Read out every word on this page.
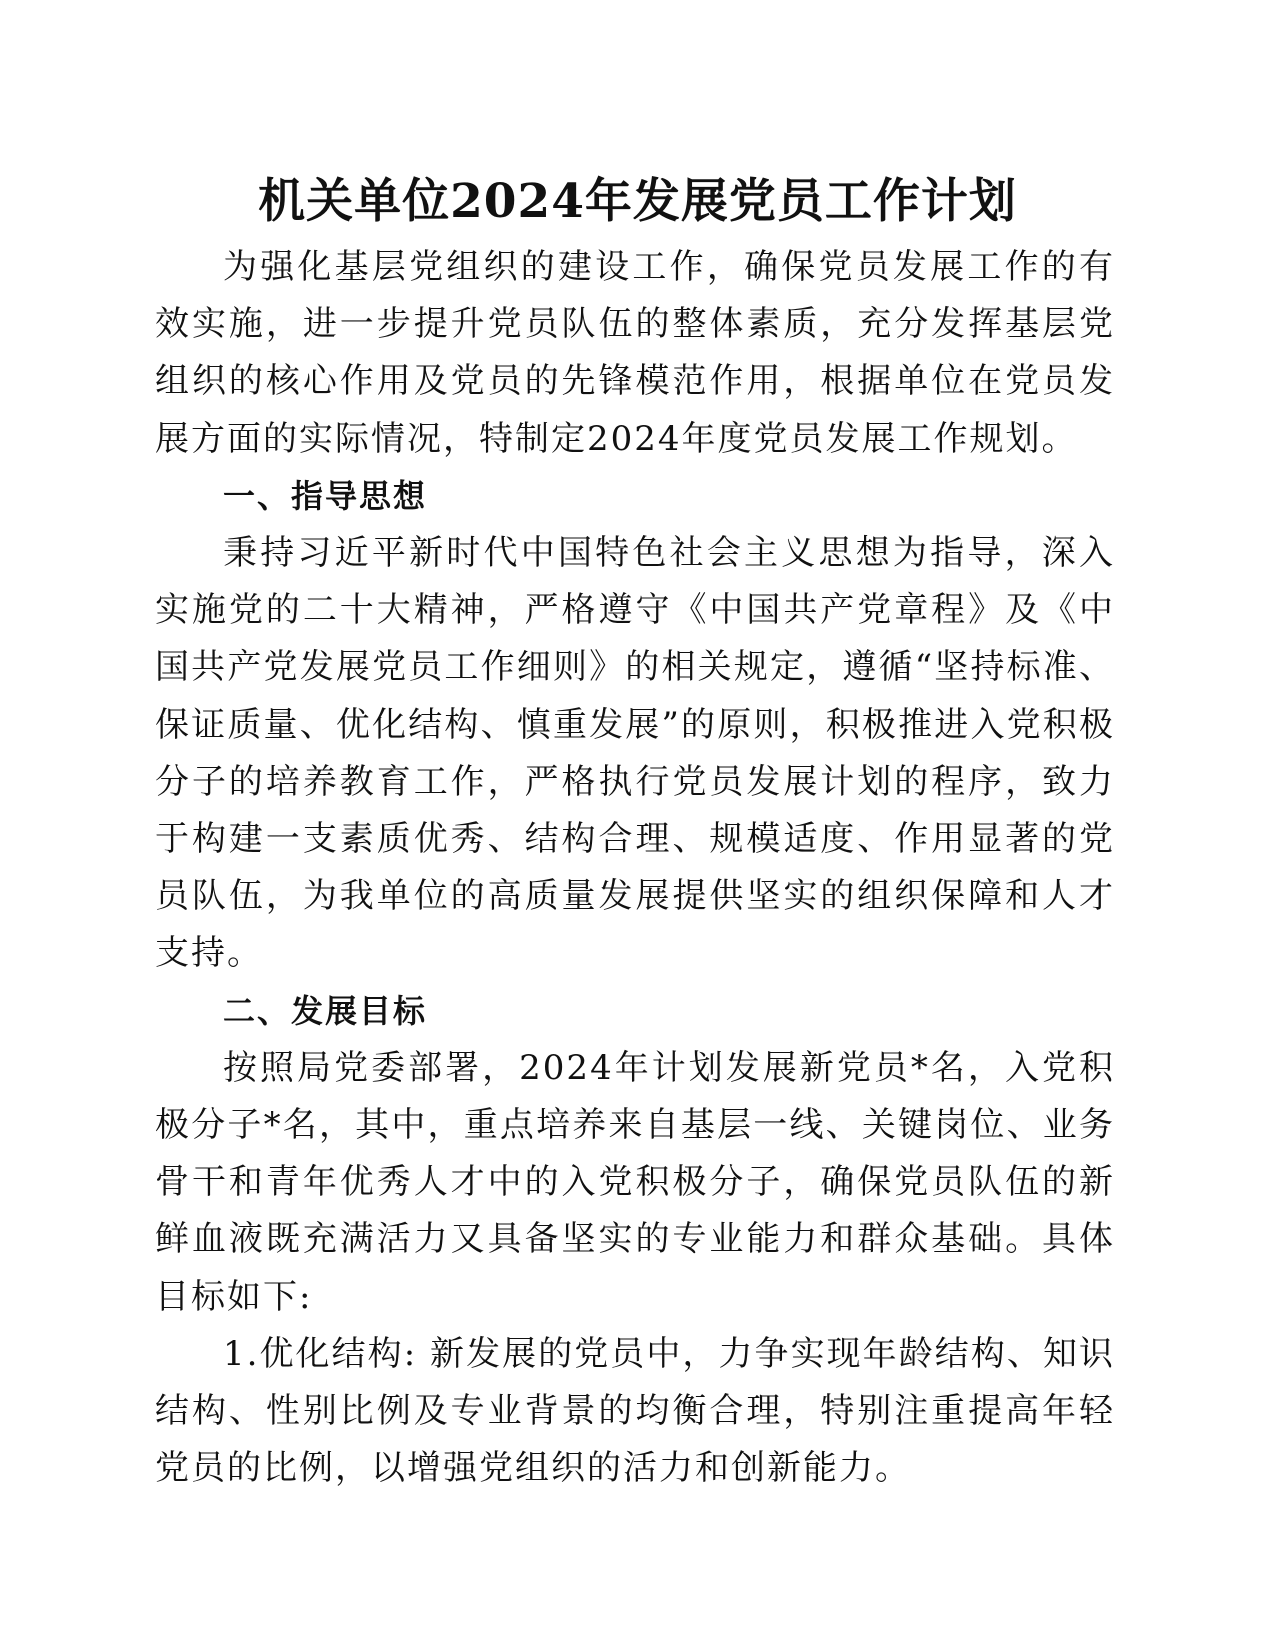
机关单位2024年发展党员工作计划

为强化基层党组织的建设工作，确保党员发展工作的有效实施，进一步提升党员队伍的整体素质，充分发挥基层党组织的核心作用及党员的先锋模范作用，根据单位在党员发展方面的实际情况，特制定2024年度党员发展工作规划。

一、指导思想

秉持习近平新时代中国特色社会主义思想为指导，深入实施党的二十大精神，严格遵守《中国共产党章程》及《中国共产党发展党员工作细则》的相关规定，遵循“坚持标准、保证质量、优化结构、慎重发展”的原则，积极推进入党积极分子的培养教育工作，严格执行党员发展计划的程序，致力于构建一支素质优秀、结构合理、规模适度、作用显著的党员队伍，为我单位的高质量发展提供坚实的组织保障和人才支持。

二、发展目标

按照局党委部署，2024年计划发展新党员*名，入党积极分子*名，其中，重点培养来自基层一线、关键岗位、业务骨干和青年优秀人才中的入党积极分子，确保党员队伍的新鲜血液既充满活力又具备坚实的专业能力和群众基础。具体目标如下:

1.优化结构: 新发展的党员中，力争实现年龄结构、知识结构、性别比例及专业背景的均衡合理，特别注重提高年轻党员的比例，以增强党组织的活力和创新能力。
